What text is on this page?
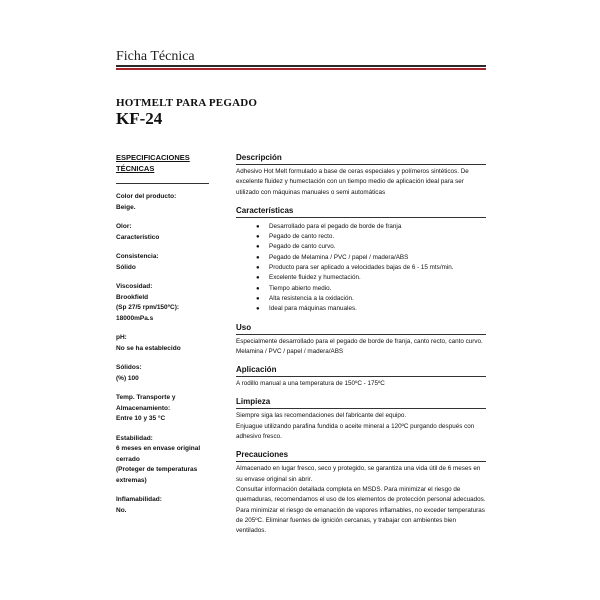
Ficha Técnica
HOTMELT PARA PEGADO
KF-24
ESPECIFICACIONES TÉCNICAS
Color del producto:
Beige.
Olor:
Característico
Consistencia:
Sólido
Viscosidad:
Brookfield
(Sp 27/5 rpm/150ºC):
18000mPa.s
pH:
No se ha establecido
Sólidos:
(%) 100
Temp. Transporte y Almacenamiento:
Entre 10 y 35 °C
Estabilidad:
6 meses en envase original cerrado
(Proteger de temperaturas extremas)
Inflamabilidad:
No.
Descripción

Adhesivo Hot Melt formulado a base de ceras especiales y polímeros sintéticos. De excelente fluidez y humectación con un tiempo medio de aplicación ideal para ser utilizado con máquinas manuales o semi automáticas

Características
● Desarrollado para el pegado de borde de franja
● Pegado de canto recto.
● Pegado de canto curvo.
● Pegado de Melamina / PVC / papel / madera/ABS
● Producto para ser aplicado a velocidades bajas de 6 - 15 mts/min.
● Excelente fluidez y humectación.
● Tiempo abierto medio.
● Alta resistencia a la oxidación.
● Ideal para máquinas manuales.
Uso

Especialmente desarrollado para el pegado de borde de franja, canto recto, canto curvo. Melamina / PVC / papel / madera/ABS

Aplicación

A rodillo manual a una temperatura de 150ºC - 175ºC

Limpieza

Siempre siga las recomendaciones del fabricante del equipo.
Enjuague utilizando parafina fundida o aceite mineral a 120ºC purgando después con adhesivo fresco.

Precauciones

Almacenado en lugar fresco, seco y protegido, se garantiza una vida útil de 6 meses en su envase original sin abrir.
Consultar información detallada completa en MSDS. Para minimizar el riesgo de quemaduras, recomendamos el uso de los elementos de protección personal adecuados. Para minimizar el riesgo de emanación de vapores inflamables, no exceder temperaturas de 205ºC. Eliminar fuentes de ignición cercanas, y trabajar con ambientes bien ventilados.
